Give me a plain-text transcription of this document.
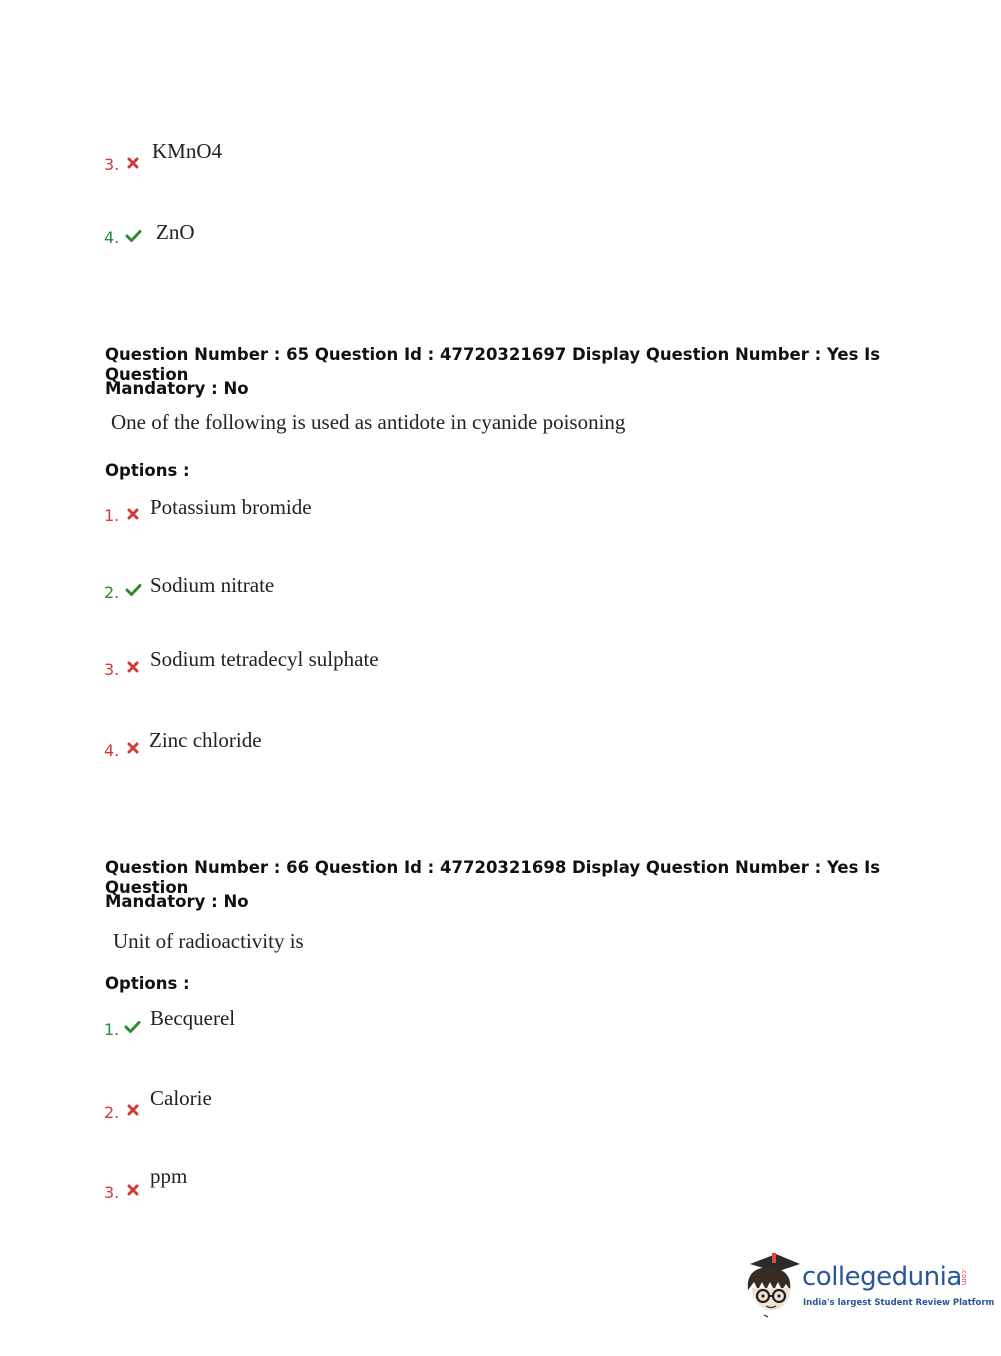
3.
KMnO4
4. ZnO
Question Number : 65 Question Id : 47720321697 Display Question Number : Yes Is Question
Mandatory : No
One of the following is used as antidote in cyanide poisoning
Options :
1. Potassium bromide
2. Sodium nitrate
3. Sodium tetradecyl sulphate
4. Zinc chloride
Question Number : 66 Question Id : 47720321698 Display Question Number : Yes Is Question
Mandatory : No
Unit of radioactivity is
Options :
1. Becquerel
2.
Calorie
3.
ppm
collegedunia
.com
India's largest Student Review Platform
